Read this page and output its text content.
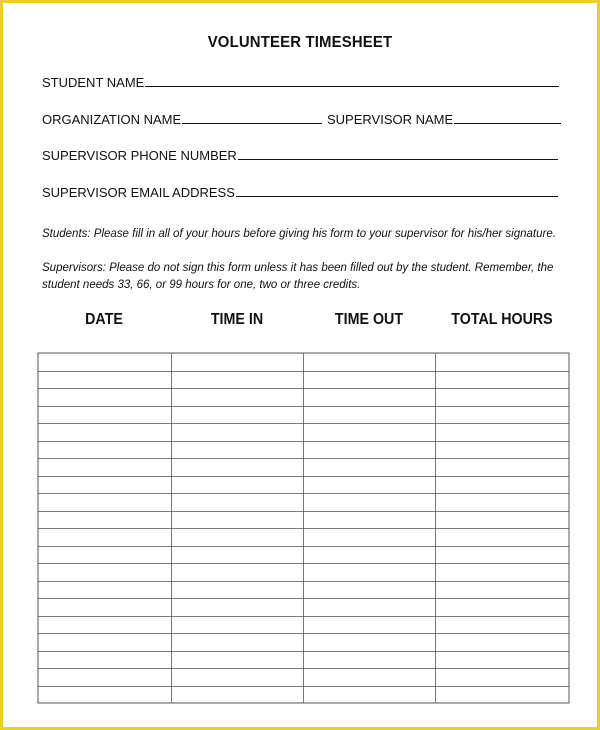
VOLUNTEER TIMESHEET
STUDENT NAME
ORGANIZATION NAME	SUPERVISOR NAME
SUPERVISOR PHONE NUMBER
SUPERVISOR EMAIL ADDRESS
Students: Please fill in all of your hours before giving his form to your supervisor for his/her signature.
Supervisors: Please do not sign this form unless it has been filled out by the student. Remember, the student needs 33, 66, or 99 hours for one, two or three credits.
DATE	TIME IN	TIME OUT	TOTAL HOURS
